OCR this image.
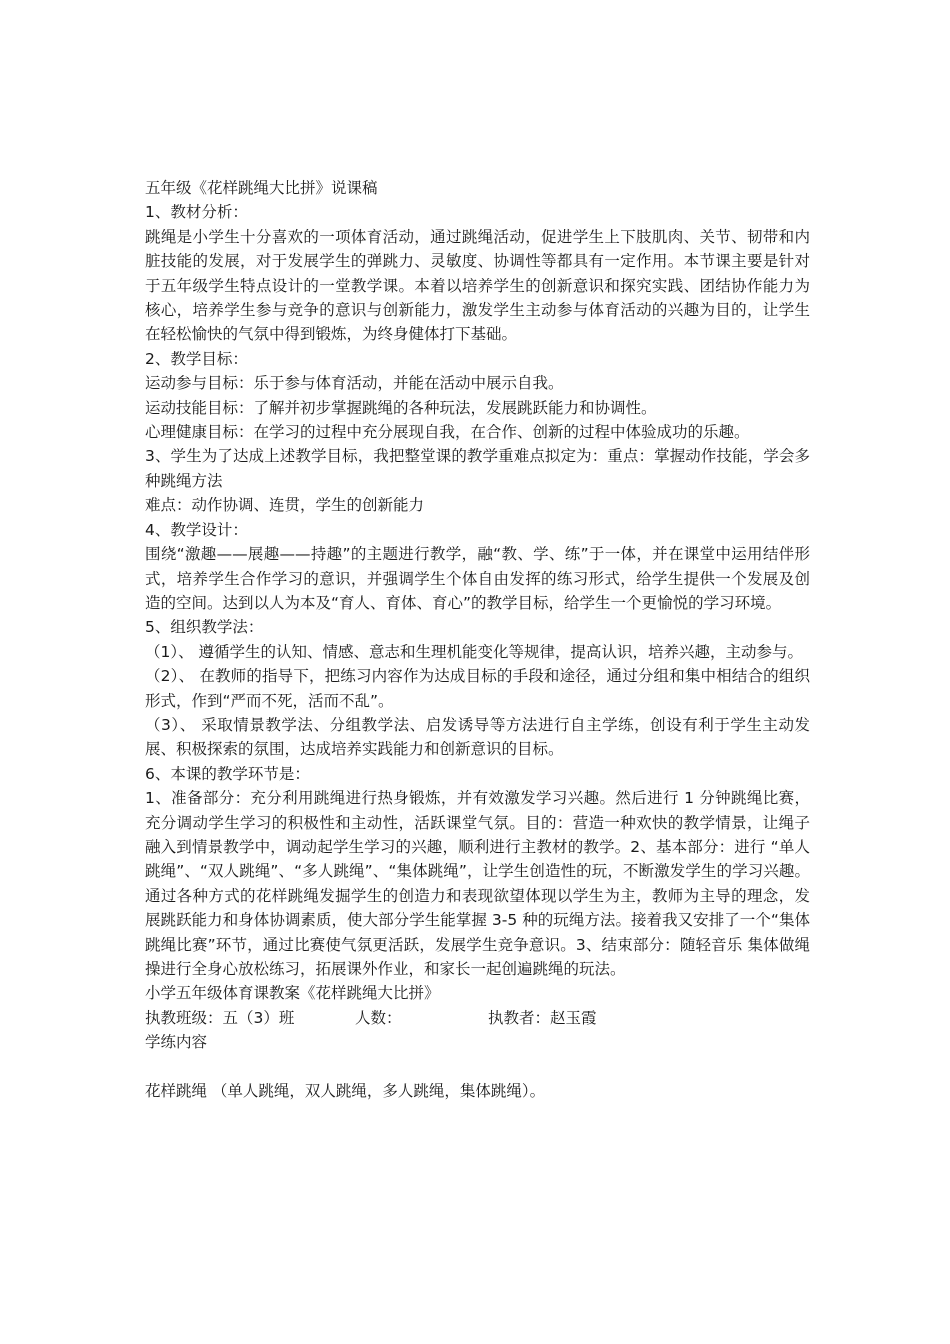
五年级《花样跳绳大比拼》说课稿
1、教材分析：
跳绳是小学生十分喜欢的一项体育活动，通过跳绳活动，促进学生上下肢肌肉、关节、韧带和内脏技能的发展，对于发展学生的弹跳力、灵敏度、协调性等都具有一定作用。本节课主要是针对于五年级学生特点设计的一堂教学课。本着以培养学生的创新意识和探究实践、团结协作能力为核心，培养学生参与竞争的意识与创新能力，激发学生主动参与体育活动的兴趣为目的，让学生在轻松愉快的气氛中得到锻炼，为终身健体打下基础。
2、教学目标：
运动参与目标：乐于参与体育活动，并能在活动中展示自我。
运动技能目标：了解并初步掌握跳绳的各种玩法，发展跳跃能力和协调性。
心理健康目标：在学习的过程中充分展现自我，在合作、创新的过程中体验成功的乐趣。
3、学生为了达成上述教学目标，我把整堂课的教学重难点拟定为：重点：掌握动作技能，学会多种跳绳方法
难点：动作协调、连贯，学生的创新能力
4、教学设计：
围绕“激趣——展趣——持趣”的主题进行教学，融“教、学、练”于一体，并在课堂中运用结伴形式，培养学生合作学习的意识，并强调学生个体自由发挥的练习形式，给学生提供一个发展及创造的空间。达到以人为本及“育人、育体、育心”的教学目标，给学生一个更愉悦的学习环境。
5、组织教学法：
（1）、 遵循学生的认知、情感、意志和生理机能变化等规律，提高认识，培养兴趣，主动参与。
（2）、 在教师的指导下，把练习内容作为达成目标的手段和途径，通过分组和集中相结合的组织形式，作到“严而不死，活而不乱”。
（3）、 采取情景教学法、分组教学法、启发诱导等方法进行自主学练，创设有利于学生主动发展、积极探索的氛围，达成培养实践能力和创新意识的目标。
6、本课的教学环节是：
1、准备部分：充分利用跳绳进行热身锻炼，并有效激发学习兴趣。然后进行 1 分钟跳绳比赛，充分调动学生学习的积极性和主动性，活跃课堂气氛。目的：营造一种欢快的教学情景，让绳子融入到情景教学中，调动起学生学习的兴趣，顺利进行主教材的教学。2、基本部分：进行 “单人跳绳”、“双人跳绳”、“多人跳绳”、“集体跳绳”，让学生创造性的玩，不断激发学生的学习兴趣。通过各种方式的花样跳绳发掘学生的创造力和表现欲望体现以学生为主，教师为主导的理念，发展跳跃能力和身体协调素质，使大部分学生能掌握 3-5 种的玩绳方法。接着我又安排了一个“集体跳绳比赛”环节，通过比赛使气氛更活跃，发展学生竞争意识。3、结束部分：随轻音乐 集体做绳操进行全身心放松练习，拓展课外作业，和家长一起创遍跳绳的玩法。
小学五年级体育课教案《花样跳绳大比拼》
执教班级：五（3）班	人数：	执教者：赵玉霞
学练内容
花样跳绳 （单人跳绳，双人跳绳，多人跳绳，集体跳绳）。
